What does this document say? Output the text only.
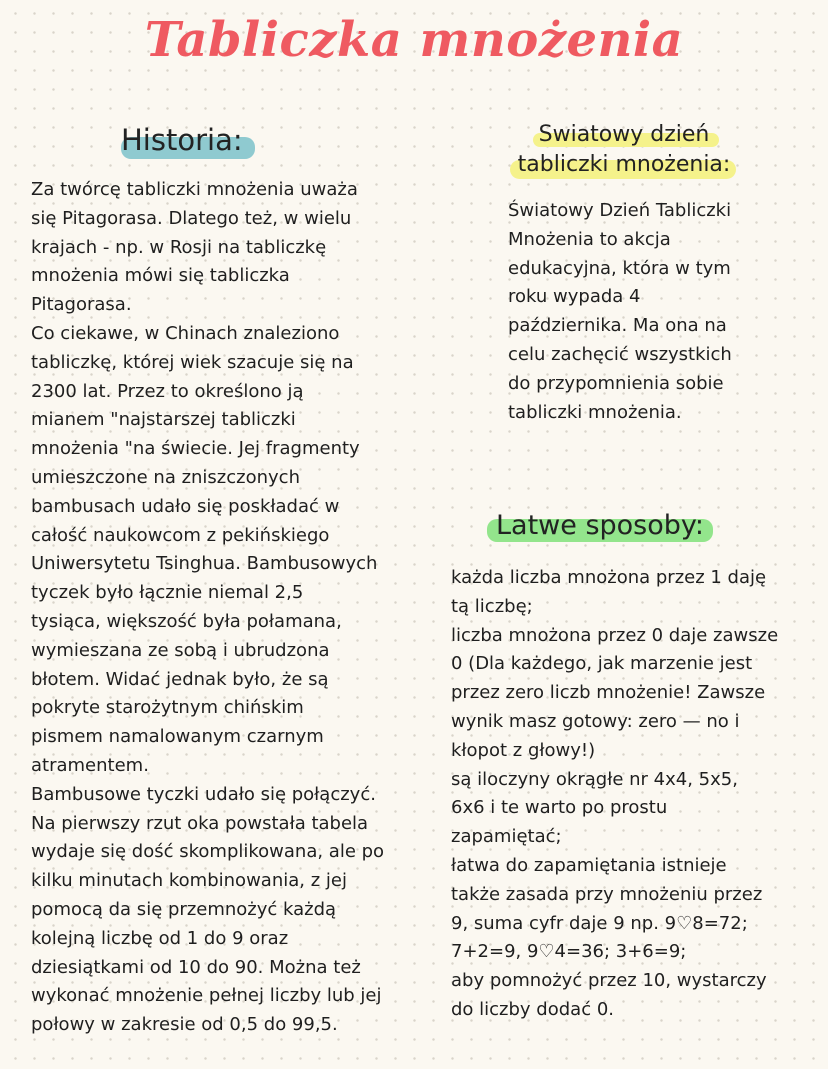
Tabliczka mnożenia
Historia:	Swiatowy dzień
tabliczki mnożenia:
Latwe sposoby:
Za twórcę tabliczki mnożenia uważa
się Pitagorasa. Dlatego też, w wielu
krajach - np. w Rosji na tabliczkę
mnożenia mówi się tabliczka
Pitagorasa.
Co ciekawe, w Chinach znaleziono
tabliczkę, której wiek szacuje się na
2300 lat. Przez to określono ją
mianem "najstarszej tabliczki
mnożenia "na świecie. Jej fragmenty
umieszczone na zniszczonych
bambusach udało się poskładać w
całość naukowcom z pekińskiego
Uniwersytetu Tsinghua. Bambusowych
tyczek było łącznie niemal 2,5
tysiąca, większość była połamana,
wymieszana ze sobą i ubrudzona
błotem. Widać jednak było, że są
pokryte starożytnym chińskim
pismem namalowanym czarnym
atramentem.
Bambusowe tyczki udało się połączyć.
Na pierwszy rzut oka powstała tabela
wydaje się dość skomplikowana, ale po
kilku minutach kombinowania, z jej
pomocą da się przemnożyć każdą
kolejną liczbę od 1 do 9 oraz
dziesiątkami od 10 do 90. Można też
wykonać mnożenie pełnej liczby lub jej
połowy w zakresie od 0,5 do 99,5.
Światowy Dzień Tabliczki
Mnożenia to akcja
edukacyjna, która w tym
roku wypada 4
października. Ma ona na
celu zachęcić wszystkich
do przypomnienia sobie
tabliczki mnożenia.
każda liczba mnożona przez 1 daję
tą liczbę;
liczba mnożona przez 0 daje zawsze
0 (Dla każdego, jak marzenie jest
przez zero liczb mnożenie! Zawsze
wynik masz gotowy: zero — no i
kłopot z głowy!)
są iloczyny okrągłe nr 4x4, 5x5,
6x6 i te warto po prostu
zapamiętać;
łatwa do zapamiętania istnieje
także zasada przy mnożeniu przez
9, suma cyfr daje 9 np. 9♡8=72;
7+2=9, 9♡4=36; 3+6=9;
aby pomnożyć przez 10, wystarczy
do liczby dodać 0.
